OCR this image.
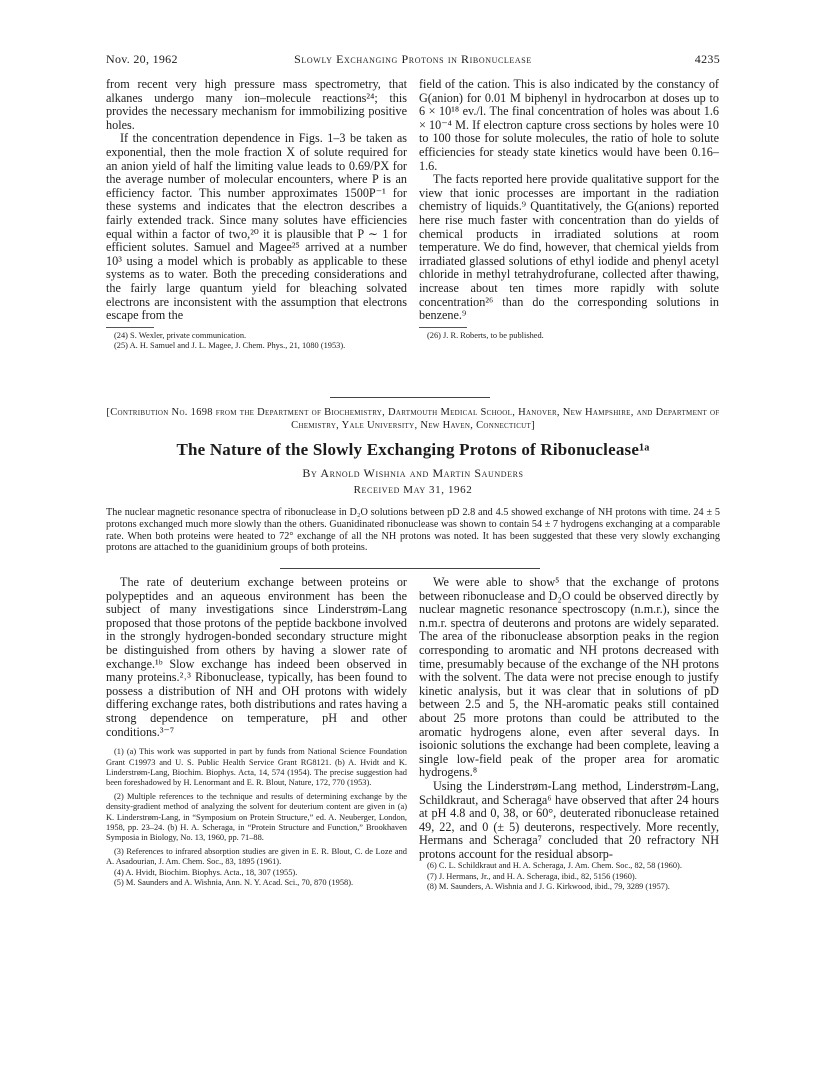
Nov. 20, 1962	Slowly Exchanging Protons in Ribonuclease	4235

from recent very high pressure mass spectrometry, that alkanes undergo many ion–molecule reactions²⁴; this provides the necessary mechanism for immobilizing positive holes.

If the concentration dependence in Figs. 1–3 be taken as exponential, then the mole fraction X of solute required for an anion yield of half the limiting value leads to 0.69/PX for the average number of molecular encounters, where P is an efficiency factor. This number approximates 1500P⁻¹ for these systems and indicates that the electron describes a fairly extended track. Since many solutes have efficiencies equal within a factor of two,²⁰ it is plausible that P ∼ 1 for efficient solutes. Samuel and Magee²⁵ arrived at a number 10³ using a model which is probably as applicable to these systems as to water. Both the preceding considerations and the fairly large quantum yield for bleaching solvated electrons are inconsistent with the assumption that electrons escape from the

(24) S. Wexler, private communication.

(25) A. H. Samuel and J. L. Magee, J. Chem. Phys., 21, 1080 (1953).

field of the cation. This is also indicated by the constancy of G(anion) for 0.01 M biphenyl in hydrocarbon at doses up to 6 × 10¹⁸ ev./l. The final concentration of holes was about 1.6 × 10⁻⁴ M. If electron capture cross sections by holes were 10 to 100 those for solute molecules, the ratio of hole to solute efficiencies for steady state kinetics would have been 0.16–1.6.

The facts reported here provide qualitative support for the view that ionic processes are important in the radiation chemistry of liquids.⁹ Quantitatively, the G(anions) reported here rise much faster with concentration than do yields of chemical products in irradiated solutions at room temperature. We do find, however, that chemical yields from irradiated glassed solutions of ethyl iodide and phenyl acetyl chloride in methyl tetrahydrofurane, collected after thawing, increase about ten times more rapidly with solute concentration²⁶ than do the corresponding solutions in benzene.⁹

(26) J. R. Roberts, to be published.

[Contribution No. 1698 from the Department of Biochemistry, Dartmouth Medical School, Hanover, New Hampshire, and Department of Chemistry, Yale University, New Haven, Connecticut]
The Nature of the Slowly Exchanging Protons of Ribonuclease¹ᵃ
By Arnold Wishnia and Martin Saunders
Received May 31, 1962
The nuclear magnetic resonance spectra of ribonuclease in D₂O solutions between pD 2.8 and 4.5 showed exchange of NH protons with time. 24 ± 5 protons exchanged much more slowly than the others. Guanidinated ribonuclease was shown to contain 54 ± 7 hydrogens exchanging at a comparable rate. When both proteins were heated to 72° exchange of all the NH protons was noted. It has been suggested that these very slowly exchanging protons are attached to the guanidinium groups of both proteins.

The rate of deuterium exchange between proteins or polypeptides and an aqueous environment has been the subject of many investigations since Linderstrøm-Lang proposed that those protons of the peptide backbone involved in the strongly hydrogen-bonded secondary structure might be distinguished from others by having a slower rate of exchange.¹ᵇ Slow exchange has indeed been observed in many proteins.²˒³ Ribonuclease, typically, has been found to possess a distribution of NH and OH protons with widely differing exchange rates, both distributions and rates having a strong dependence on temperature, pH and other conditions.³⁻⁷

(1) (a) This work was supported in part by funds from National Science Foundation Grant C19973 and U. S. Public Health Service Grant RG8121. (b) A. Hvidt and K. Linderstrøm-Lang, Biochim. Biophys. Acta, 14, 574 (1954). The precise suggestion had been foreshadowed by H. Lenormant and E. R. Blout, Nature, 172, 770 (1953).

(2) Multiple references to the technique and results of determining exchange by the density-gradient method of analyzing the solvent for deuterium content are given in (a) K. Linderstrøm-Lang, in “Symposium on Protein Structure,” ed. A. Neuberger, London, 1958, pp. 23–24. (b) H. A. Scheraga, in “Protein Structure and Function,” Brookhaven Symposia in Biology, No. 13, 1960, pp. 71–88.

(3) References to infrared absorption studies are given in E. R. Blout, C. de Loze and A. Asadourian, J. Am. Chem. Soc., 83, 1895 (1961).

(4) A. Hvidt, Biochim. Biophys. Acta., 18, 307 (1955).

(5) M. Saunders and A. Wishnia, Ann. N. Y. Acad. Sci., 70, 870 (1958).

We were able to show⁵ that the exchange of protons between ribonuclease and D₂O could be observed directly by nuclear magnetic resonance spectroscopy (n.m.r.), since the n.m.r. spectra of deuterons and protons are widely separated. The area of the ribonuclease absorption peaks in the region corresponding to aromatic and NH protons decreased with time, presumably because of the exchange of the NH protons with the solvent. The data were not precise enough to justify kinetic analysis, but it was clear that in solutions of pD between 2.5 and 5, the NH-aromatic peaks still contained about 25 more protons than could be attributed to the aromatic hydrogens alone, even after several days. In isoionic solutions the exchange had been complete, leaving a single low-field peak of the proper area for aromatic hydrogens.⁸

Using the Linderstrøm-Lang method, Linderstrøm-Lang, Schildkraut, and Scheraga⁶ have observed that after 24 hours at pH 4.8 and 0, 38, or 60°, deuterated ribonuclease retained 49, 22, and 0 (± 5) deuterons, respectively. More recently, Hermans and Scheraga⁷ concluded that 20 refractory NH protons account for the residual absorp-

(6) C. L. Schildkraut and H. A. Scheraga, J. Am. Chem. Soc., 82, 58 (1960).

(7) J. Hermans, Jr., and H. A. Scheraga, ibid., 82, 5156 (1960).

(8) M. Saunders, A. Wishnia and J. G. Kirkwood, ibid., 79, 3289 (1957).
